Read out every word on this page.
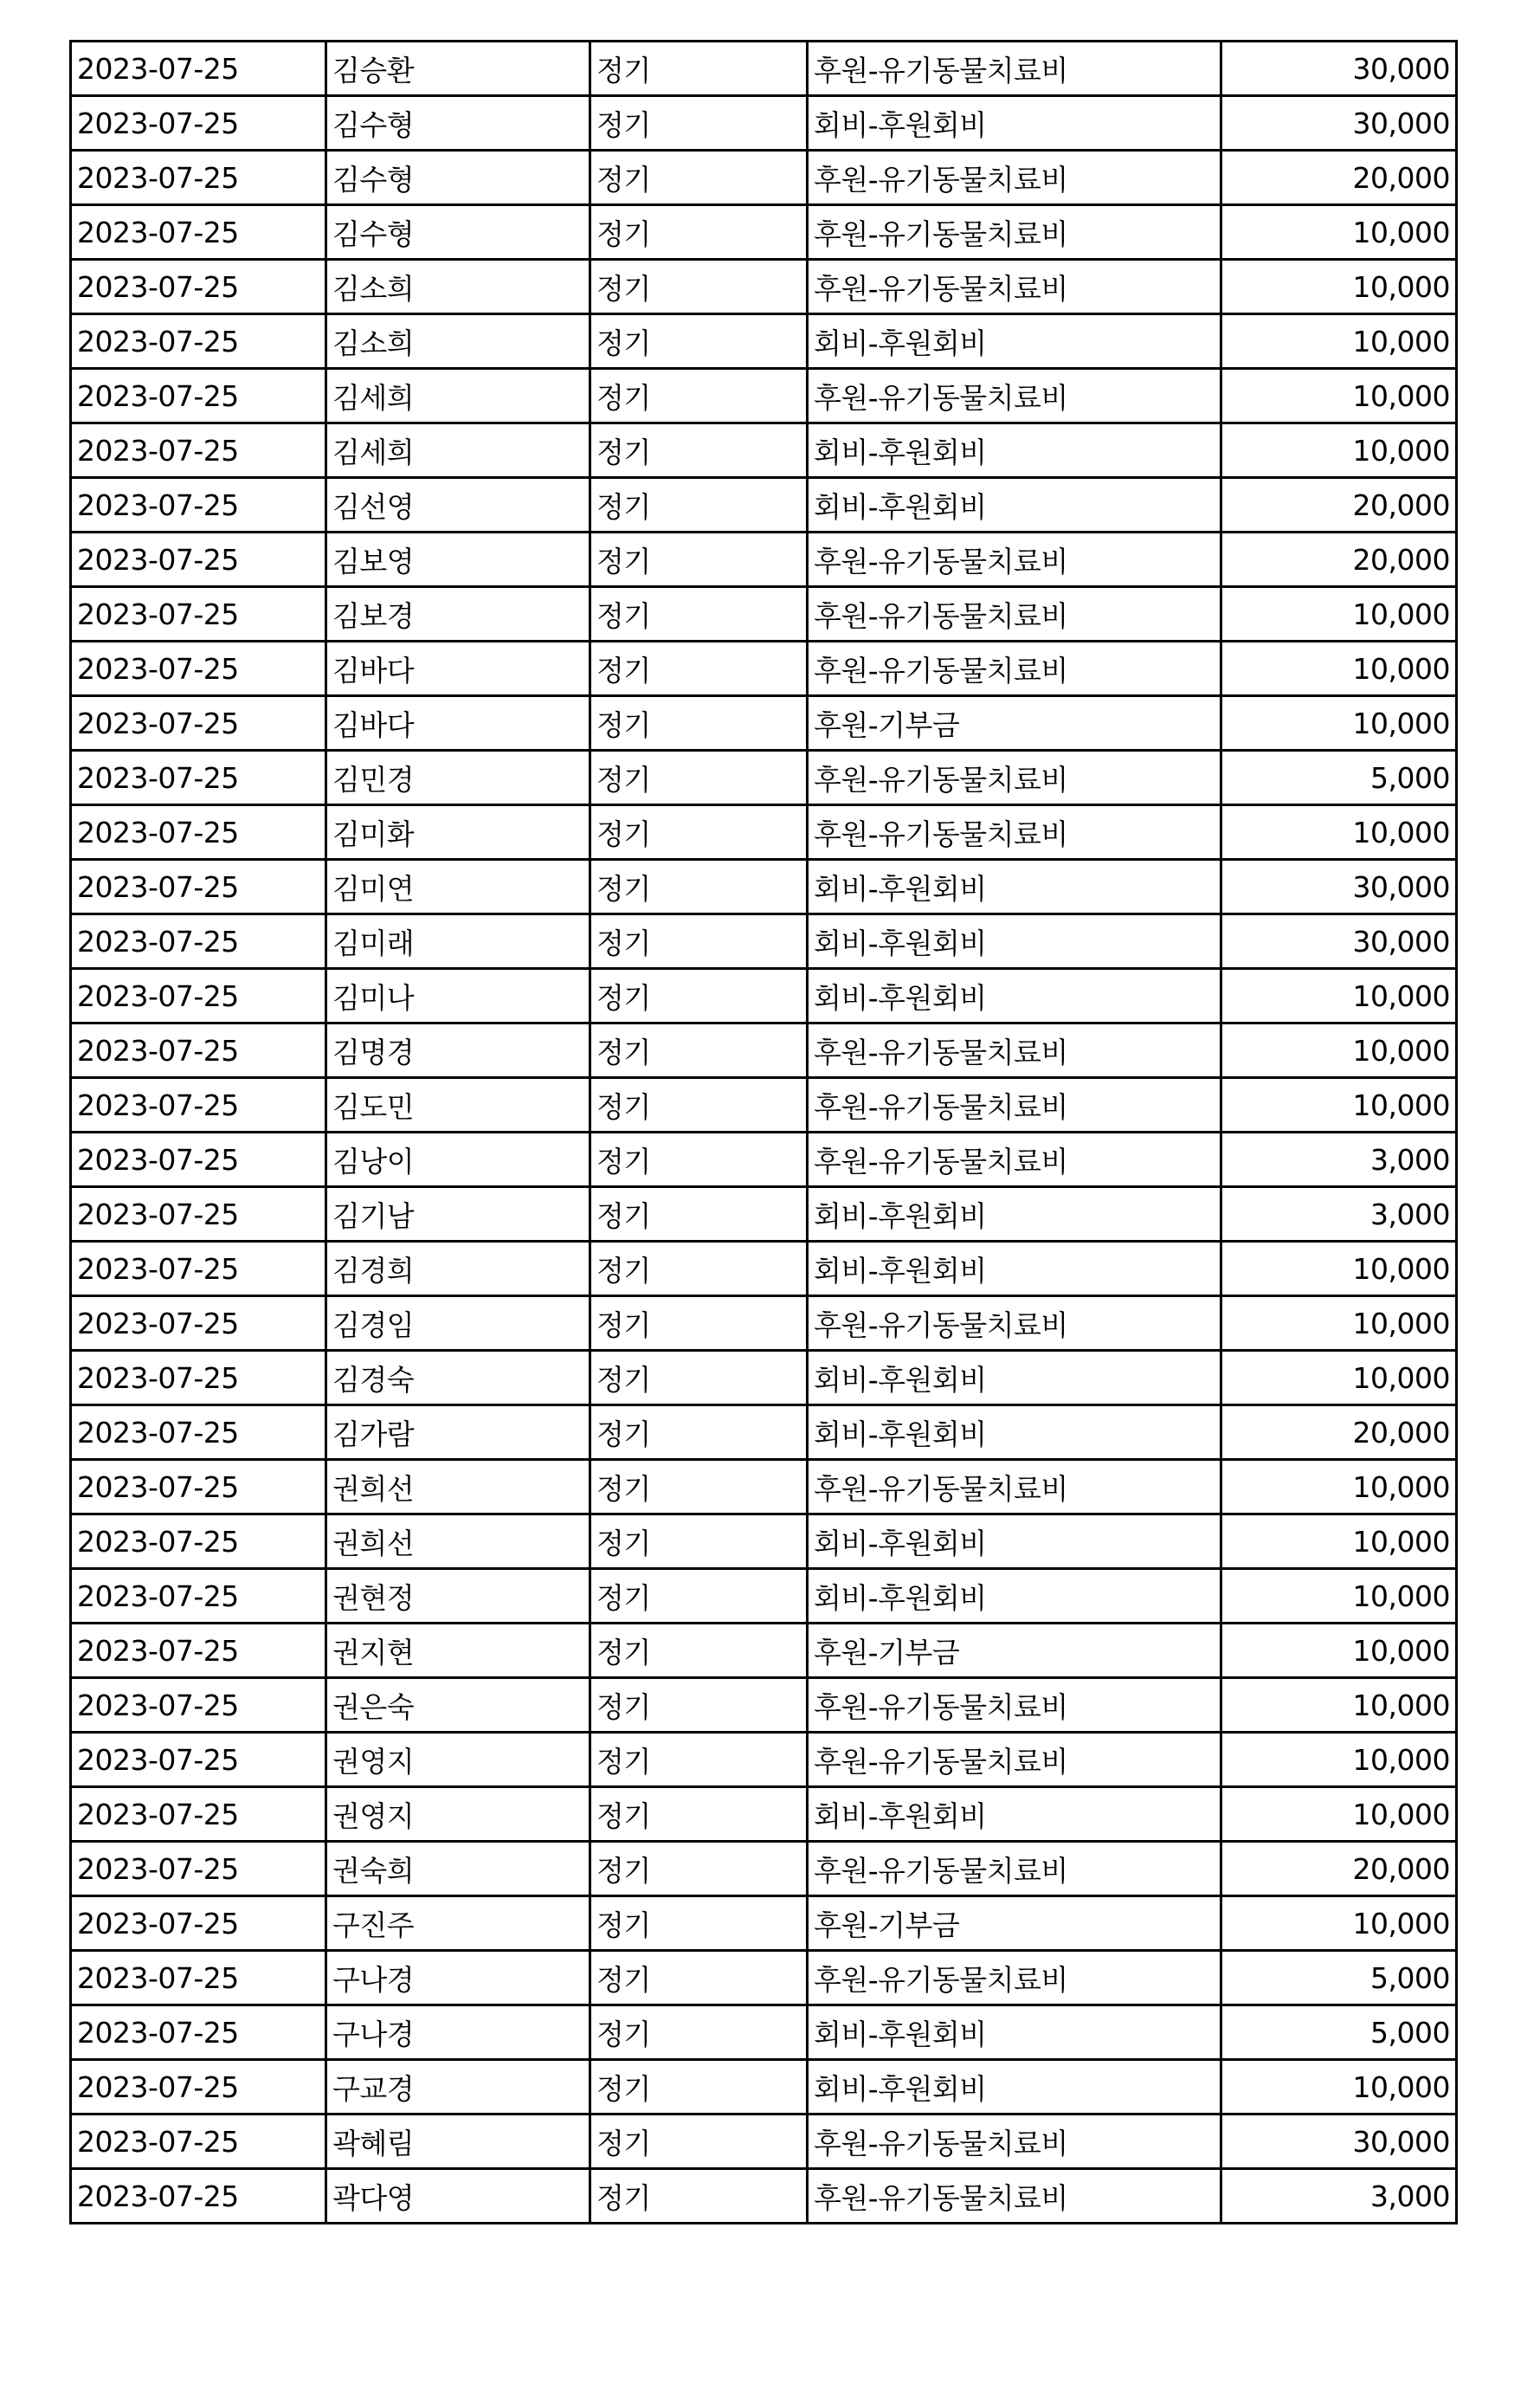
2023-07-25	김승환	정기	후원-유기동물치료비	30,000
2023-07-25	김수형	정기	회비-후원회비	30,000
2023-07-25	김수형	정기	후원-유기동물치료비	20,000
2023-07-25	김수형	정기	후원-유기동물치료비	10,000
2023-07-25	김소희	정기	후원-유기동물치료비	10,000
2023-07-25	김소희	정기	회비-후원회비	10,000
2023-07-25	김세희	정기	후원-유기동물치료비	10,000
2023-07-25	김세희	정기	회비-후원회비	10,000
2023-07-25	김선영	정기	회비-후원회비	20,000
2023-07-25	김보영	정기	후원-유기동물치료비	20,000
2023-07-25	김보경	정기	후원-유기동물치료비	10,000
2023-07-25	김바다	정기	후원-유기동물치료비	10,000
2023-07-25	김바다	정기	후원-기부금	10,000
2023-07-25	김민경	정기	후원-유기동물치료비	5,000
2023-07-25	김미화	정기	후원-유기동물치료비	10,000
2023-07-25	김미연	정기	회비-후원회비	30,000
2023-07-25	김미래	정기	회비-후원회비	30,000
2023-07-25	김미나	정기	회비-후원회비	10,000
2023-07-25	김명경	정기	후원-유기동물치료비	10,000
2023-07-25	김도민	정기	후원-유기동물치료비	10,000
2023-07-25	김낭이	정기	후원-유기동물치료비	3,000
2023-07-25	김기남	정기	회비-후원회비	3,000
2023-07-25	김경희	정기	회비-후원회비	10,000
2023-07-25	김경임	정기	후원-유기동물치료비	10,000
2023-07-25	김경숙	정기	회비-후원회비	10,000
2023-07-25	김가람	정기	회비-후원회비	20,000
2023-07-25	권희선	정기	후원-유기동물치료비	10,000
2023-07-25	권희선	정기	회비-후원회비	10,000
2023-07-25	권현정	정기	회비-후원회비	10,000
2023-07-25	권지현	정기	후원-기부금	10,000
2023-07-25	권은숙	정기	후원-유기동물치료비	10,000
2023-07-25	권영지	정기	후원-유기동물치료비	10,000
2023-07-25	권영지	정기	회비-후원회비	10,000
2023-07-25	권숙희	정기	후원-유기동물치료비	20,000
2023-07-25	구진주	정기	후원-기부금	10,000
2023-07-25	구나경	정기	후원-유기동물치료비	5,000
2023-07-25	구나경	정기	회비-후원회비	5,000
2023-07-25	구교경	정기	회비-후원회비	10,000
2023-07-25	곽혜림	정기	후원-유기동물치료비	30,000
2023-07-25	곽다영	정기	후원-유기동물치료비	3,000
